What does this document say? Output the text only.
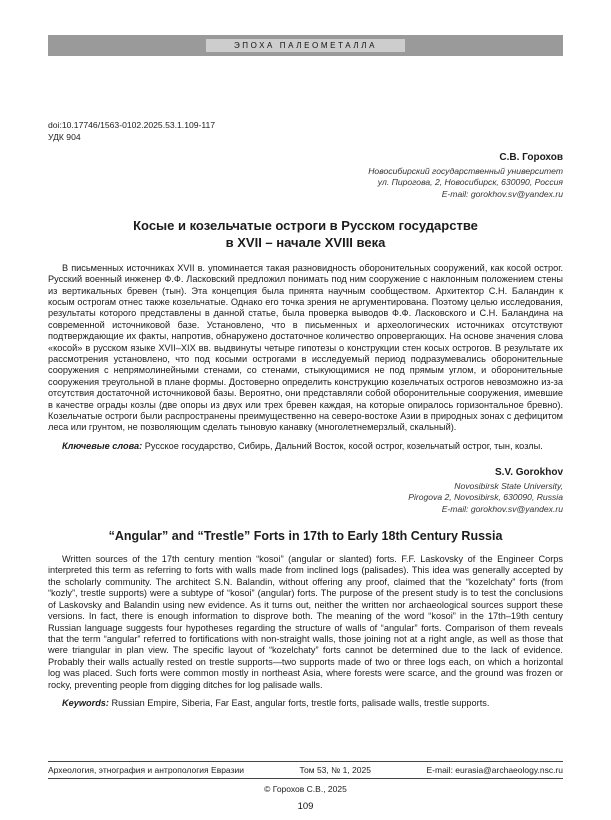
ЭПОХА ПАЛЕОМЕТАЛЛА
doi:10.17746/1563-0102.2025.53.1.109-117
УДК 904
С.В. Горохов
Новосибирский государственный университет
ул. Пирогова, 2, Новосибирск, 630090, Россия
E-mail: gorokhov.sv@yandex.ru
Косые и козельчатые остроги в Русском государстве
в XVII – начале XVIII века
В письменных источниках XVII в. упоминается такая разновидность оборонительных сооружений, как косой острог. Русский военный инженер Ф.Ф. Ласковский предложил понимать под ним сооружение с наклонным положением стены из вертикальных бревен (тын). Эта концепция была принята научным сообществом. Архитектор С.Н. Баландин к косым острогам отнес также козельчатые. Однако его точка зрения не аргументирована. Поэтому целью исследования, результаты которого представлены в данной статье, была проверка выводов Ф.Ф. Ласковского и С.Н. Баландина на современной источниковой базе. Установлено, что в письменных и археологических источниках отсутствуют подтверждающие их факты, напротив, обнаружено достаточное количество опровергающих. На основе значения слова «косой» в русском языке XVII–XIX вв. выдвинуты четыре гипотезы о конструкции стен косых острогов. В результате их рассмотрения установлено, что под косыми острогами в исследуемый период подразумевались оборонительные сооружения с непрямолинейными стенами, со стенами, стыкующимися не под прямым углом, и оборонительные сооружения треугольной в плане формы. Достоверно определить конструкцию козельчатых острогов невозможно из-за отсутствия достаточной источниковой базы. Вероятно, они представляли собой оборонительные сооружения, имевшие в качестве ограды козлы (две опоры из двух или трех бревен каждая, на которые опиралось горизонтальное бревно). Козельчатые остроги были распространены преимущественно на северо-востоке Азии в природных зонах с дефицитом леса или грунтом, не позволяющим сделать тыновую канавку (многолетнемерзлый, скальный).
Ключевые слова: Русское государство, Сибирь, Дальний Восток, косой острог, козельчатый острог, тын, козлы.
S.V. Gorokhov
Novosibirsk State University,
Pirogova 2, Novosibirsk, 630090, Russia
E-mail: gorokhov.sv@yandex.ru
“Angular” and “Trestle” Forts in 17th to Early 18th Century Russia
Written sources of the 17th century mention “kosoi” (angular or slanted) forts. F.F. Laskovsky of the Engineer Corps interpreted this term as referring to forts with walls made from inclined logs (palisades). This idea was generally accepted by the scholarly community. The architect S.N. Balandin, without offering any proof, claimed that the “kozelchaty” forts (from “kozly”, trestle supports) were a subtype of “kosoi” (angular) forts. The purpose of the present study is to test the conclusions of Laskovsky and Balandin using new evidence. As it turns out, neither the written nor archaeological sources support these versions. In fact, there is enough information to disprove both. The meaning of the word “kosoi” in the 17th–19th century Russian language suggests four hypotheses regarding the structure of walls of “angular” forts. Comparison of them reveals that the term “angular” referred to fortifications with non-straight walls, those joining not at a right angle, as well as those that were triangular in plan view. The specific layout of “kozelchaty” forts cannot be determined due to the lack of evidence. Probably their walls actually rested on trestle supports—two supports made of two or three logs each, on which a horizontal log was placed. Such forts were common mostly in northeast Asia, where forests were scarce, and the ground was frozen or rocky, preventing people from digging ditches for log palisade walls.
Keywords: Russian Empire, Siberia, Far East, angular forts, trestle forts, palisade walls, trestle supports.
Археология, этнография и антропология Евразии	Том 53, № 1, 2025	E-mail: eurasia@archaeology.nsc.ru
© Горохов С.В., 2025
109
